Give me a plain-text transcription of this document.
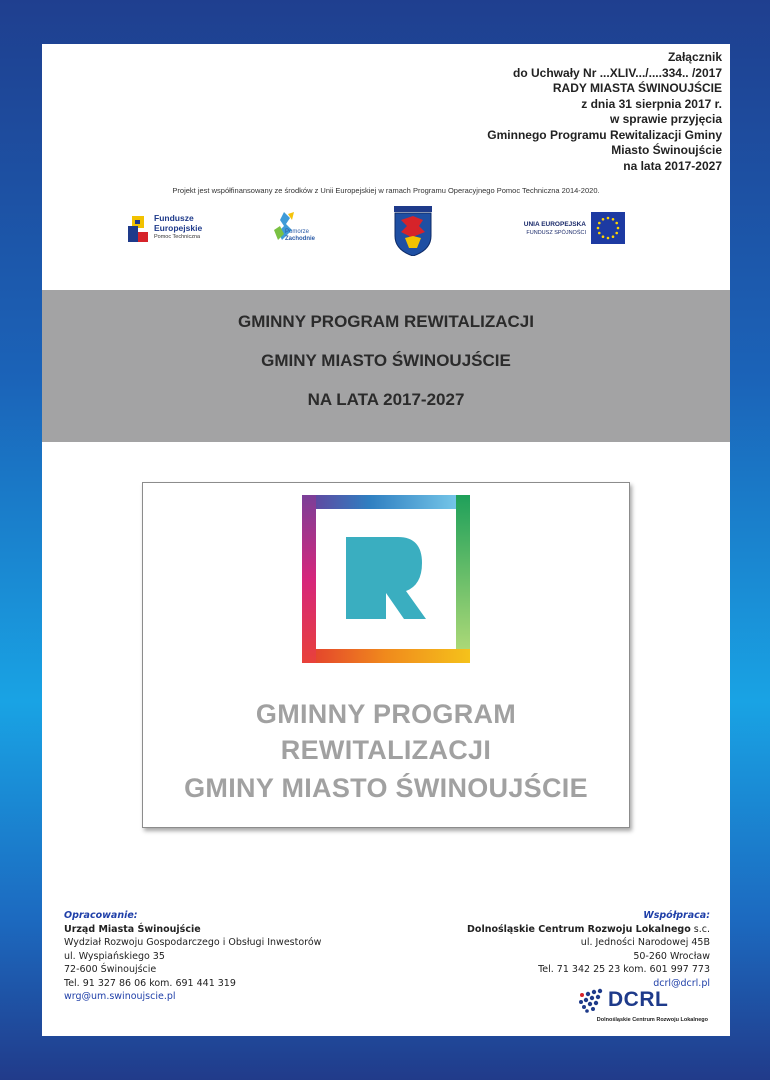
Załącznik
do Uchwały Nr ...XLIV.../....334.. /2017
RADY MIASTA ŚWINOUJŚCIE
z dnia 31 sierpnia 2017 r.
w sprawie przyjęcia
Gminnego Programu Rewitalizacji Gminy
Miasto Świnoujście
na lata 2017-2027
Projekt jest współfinansowany ze środków z Unii Europejskiej w ramach Programu Operacyjnego Pomoc Techniczna 2014-2020.
Fundusze
Europejskie
Pomoc Techniczna
Pomorze
Zachodnie
UNIA EUROPEJSKA
FUNDUSZ SPÓJNOŚCI
GMINNY PROGRAM REWITALIZACJI
GMINY MIASTO ŚWINOUJŚCIE
NA LATA 2017-2027
GMINNY PROGRAM
REWITALIZACJI
GMINY MIASTO ŚWINOUJŚCIE
Opracowanie:
Urząd Miasta Świnoujście
Wydział Rozwoju Gospodarczego i Obsługi Inwestorów
ul. Wyspiańskiego 35
72-600 Świnoujście
Tel. 91 327 86 06 kom. 691 441 319
wrg@um.swinoujscie.pl
Współpraca:
Dolnośląskie Centrum Rozwoju Lokalnego s.c.
ul. Jedności Narodowej 45B
50-260 Wrocław
Tel. 71 342 25 23 kom. 601 997 773
dcrl@dcrl.pl
DCRL
Dolnośląskie Centrum Rozwoju Lokalnego
